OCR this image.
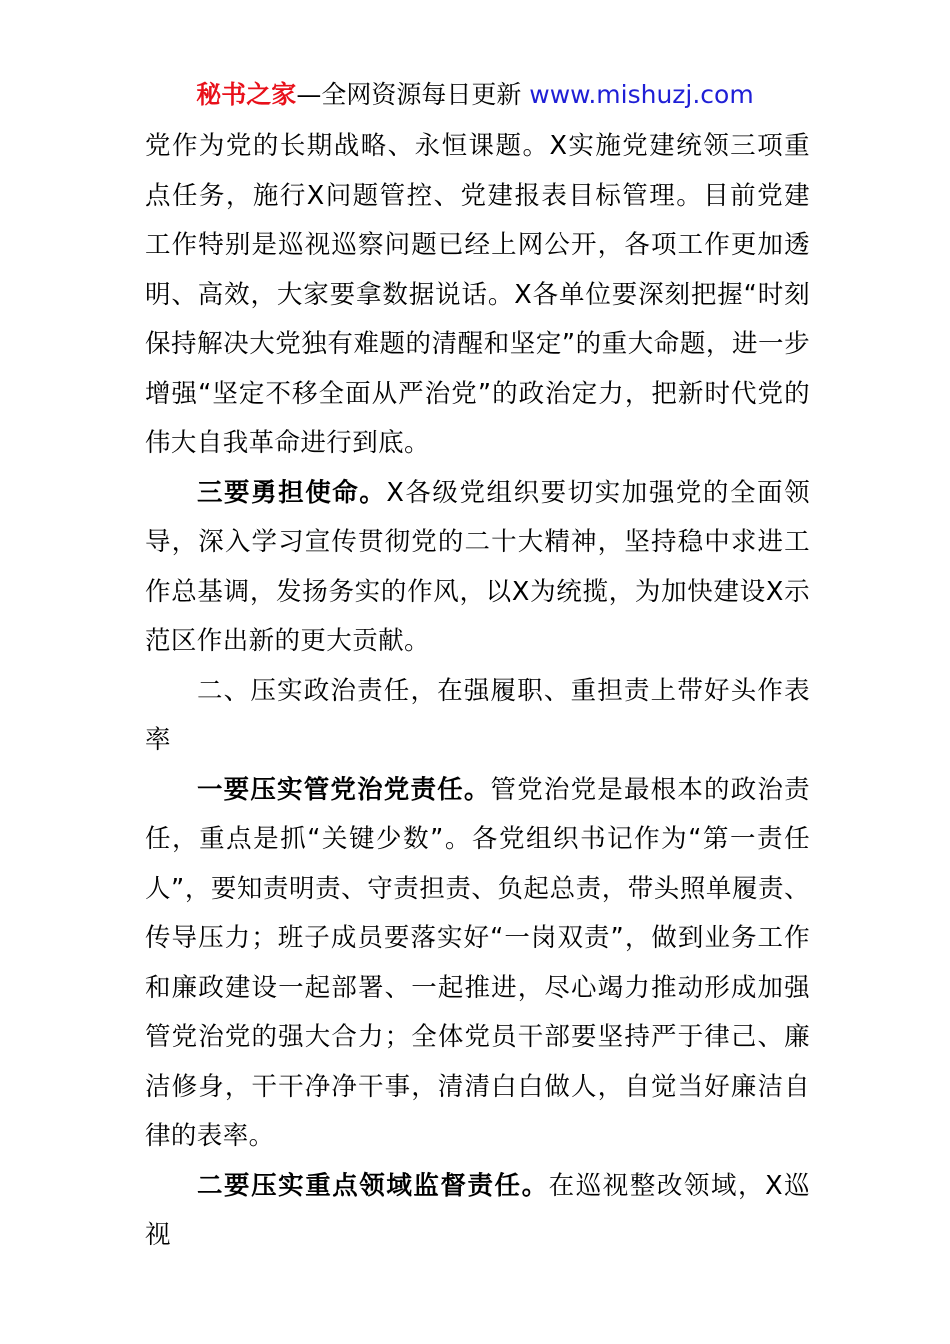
秘书之家—全网资源每日更新 www.mishuzj.com

党作为党的长期战略、永恒课题。X实施党建统领三项重点任务，施行X问题管控、党建报表目标管理。目前党建工作特别是巡视巡察问题已经上网公开，各项工作更加透明、高效，大家要拿数据说话。X各单位要深刻把握“时刻保持解决大党独有难题的清醒和坚定”的重大命题，进一步增强“坚定不移全面从严治党”的政治定力，把新时代党的伟大自我革命进行到底。

三要勇担使命。X各级党组织要切实加强党的全面领导，深入学习宣传贯彻党的二十大精神，坚持稳中求进工作总基调，发扬务实的作风，以X为统揽，为加快建设X示范区作出新的更大贡献。

二、压实政治责任，在强履职、重担责上带好头作表率

一要压实管党治党责任。管党治党是最根本的政治责任，重点是抓“关键少数”。各党组织书记作为“第一责任人”，要知责明责、守责担责、负起总责，带头照单履责、传导压力；班子成员要落实好“一岗双责”，做到业务工作和廉政建设一起部署、一起推进，尽心竭力推动形成加强管党治党的强大合力；全体党员干部要坚持严于律己、廉洁修身，干干净净干事，清清白白做人，自觉当好廉洁自律的表率。

二要压实重点领域监督责任。在巡视整改领域，X巡视
